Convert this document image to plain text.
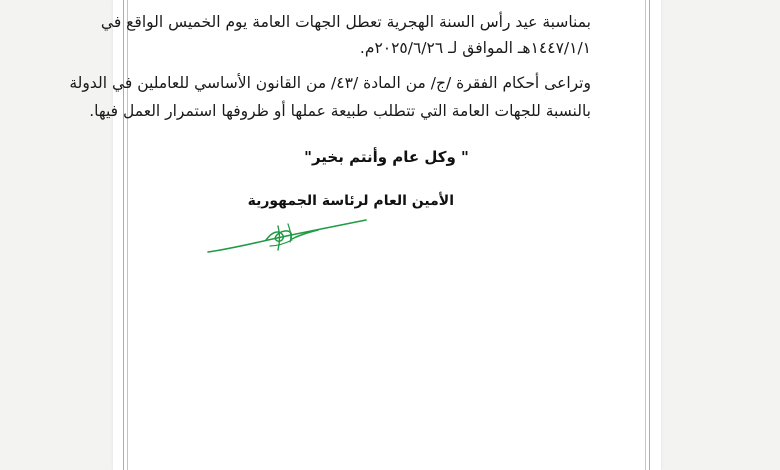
بمناسبة عيد رأس السنة الهجرية تعطل الجهات العامة يوم الخميس الواقع في
١٤٤٧/١/١هـ الموافق لـ ٢٠٢٥/٦/٢٦م.
وتراعى أحكام الفقرة /ج/ من المادة /٤٣/ من القانون الأساسي للعاملين في الدولة
بالنسبة للجهات العامة التي تتطلب طبيعة عملها أو ظروفها استمرار العمل فيها.
" وكل عام وأنتم بخير"
الأمين العام لرئاسة الجمهورية
